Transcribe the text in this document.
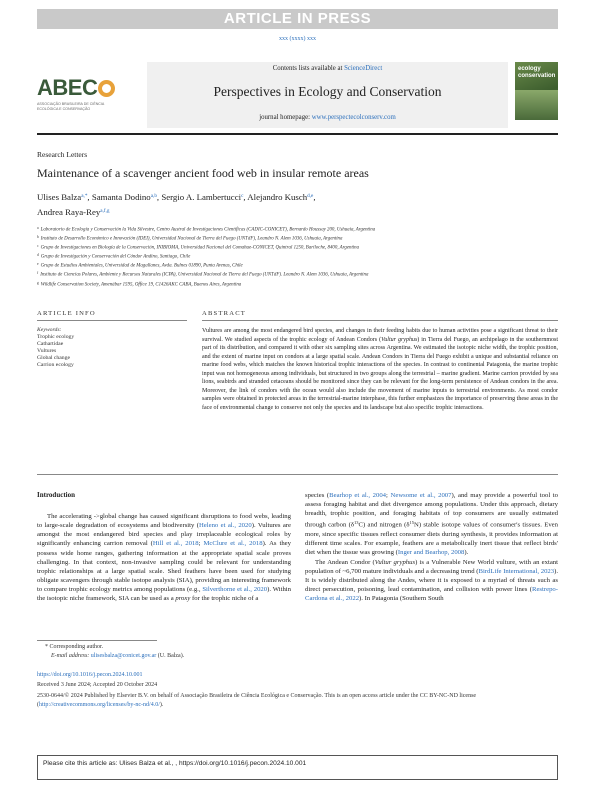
ARTICLE IN PRESS
xxx (xxxx) xxx
ABEC
ASSOCIAÇÃO BRASILEIRA DE CIÊNCIA
ECOLÓGICA E CONSERVAÇÃO
Contents lists available at ScienceDirect
Perspectives in Ecology and Conservation
journal homepage: www.perspectecolconserv.com
ecology
conservation
Research Letters
Maintenance of a scavenger ancient food web in insular remote areas
Ulises Balza$^{a,*}$, Samanta Dodino$^{a,b}$, Sergio A. Lambertucci$^c$, Alejandro Kusch$^{d,e}$,
Andrea Raya-Rey$^{a,f,g}$
$^a$ Laboratorio de Ecología y Conservación la Vida Silvestre, Centro Austral de Investigaciones Científicas (CADIC-CONICET), Bernardo Houssay 200, Ushuaia, Argentina
$^b$ Instituto de Desarrollo Económico e Innovación (IDEI), Universidad Nacional de Tierra del Fuego (UNTdF), Leandro N. Alem 1036, Ushuaia, Argentina
$^c$ Grupo de Investigaciones en Biología de la Conservación, INIBIOMA, Universidad Nacional del Comahue-CONICET, Quintral 1250, Bariloche, 8400, Argentina
$^d$ Grupo de Investigación y Conservación del Cóndor Andino, Santiago, Chile
$^e$ Grupo de Estudios Ambientales, Universidad de Magallanes, Avda. Bulnes 01890, Punta Arenas, Chile
$^f$ Instituto de Ciencias Polares, Ambiente y Recursos Naturales (ICPA), Universidad Nacional de Tierra del Fuego (UNTdF). Leandro N. Alem 1036, Ushuaia, Argentina
$^g$ Wildlife Conservation Society, Amenábar 1595, Office 19, C1426AKC CABA, Buenos Aires, Argentina
ARTICLE INFO	ABSTRACT
Keywords:
Trophic ecology
Cathartidae
Vultures
Global change
Carrion ecology
Vultures are among the most endangered bird species, and changes in their feeding habits due to human activities pose a significant threat to their survival. We studied aspects of the trophic ecology of Andean Condors (Vultur gryphus) in Tierra del Fuego, an archipelago in the southernmost part of its distribution, and compared it with other six sampling sites across Argentina. We estimated the isotopic niche width, the trophic position, and the extent of marine input on condors at a large spatial scale. Andean Condors in Tierra del Fuego exhibit a unique and substantial reliance on marine food webs, which matches the known historical trophic interactions of the species. In contrast to continental Patagonia, the marine trophic input was not homogeneous among individuals, but structured in two groups along the terrestrial – marine gradient. Marine carrion provided by sea lions, seabirds and stranded cetaceans should be monitored since they can be relevant for the long-term persistence of Andean condors in the area. Moreover, the link of condors with the ocean would also include the movement of marine inputs to terrestrial environments. As most condor samples were obtained in protected areas in the terrestrial-marine interphase, this further emphasizes the importance of preserving these areas in the face of environmental change to conserve not only the species and its landscape but also specific trophic interactions.
Introduction

The accelerating ->global change has caused significant disruptions to food webs, leading to large-scale degradation of ecosystems and biodiversity (Heleno et al., 2020). Vultures are amongst the most endangered bird species and play irreplaceable ecological roles by significantly enhancing carrion removal (Hill et al., 2018; McClure et al., 2018). As they possess wide home ranges, gathering information at the appropriate spatial scale proves challenging. In that context, non-invasive sampling could be relevant for understanding trophic relationships at a large spatial scale. Shed feathers have been used for studying obligate scavengers through stable isotope analysis (SIA), providing an interesting framework to compare trophic ecology metrics among populations (e.g., Silverthorne et al., 2020). Within the isotopic niche framework, SIA can be used as a proxy for the trophic niche of a

species (Bearhop et al., 2004; Newsome et al., 2007), and may provide a powerful tool to assess foraging habitat and diet divergence among populations. Under this approach, dietary breadth, trophic position, and foraging habitats of top consumers are usually estimated through carbon $(\delta^{13}C)$ and nitrogen $(\delta^{15}N)$ stable isotope values of consumer's tissues. Even more, since specific tissues reflect consumer diets during synthesis, it provides information at different time scales. For example, feathers are a metabolically inert tissue that reflect birds' diet when the tissue was growing (Inger and Bearhop, 2008).

The Andean Condor (Vultur gryphus) is a Vulnerable New World vulture, with an extant population of ~6,700 mature individuals and a decreasing trend (BirdLife International, 2023). It is widely distributed along the Andes, where it is exposed to a myriad of threats such as direct persecution, poisoning, lead contamination, and collision with power lines (Restrepo-Cardona et al., 2022). In Patagonia (Southern South

* Corresponding author.
E-mail address: ulisesbalza@conicet.gov.ar (U. Balza).
https://doi.org/10.1016/j.pecon.2024.10.001
Received 3 June 2024; Accepted 20 October 2024
2530-0644/© 2024 Published by Elsevier B.V. on behalf of Associação Brasileira de Ciência Ecológica e Conservação. This is an open access article under the CC BY-NC-ND license (http://creativecommons.org/licenses/by-nc-nd/4.0/).
Please cite this article as: Ulises Balza et al., , https://doi.org/10.1016/j.pecon.2024.10.001
